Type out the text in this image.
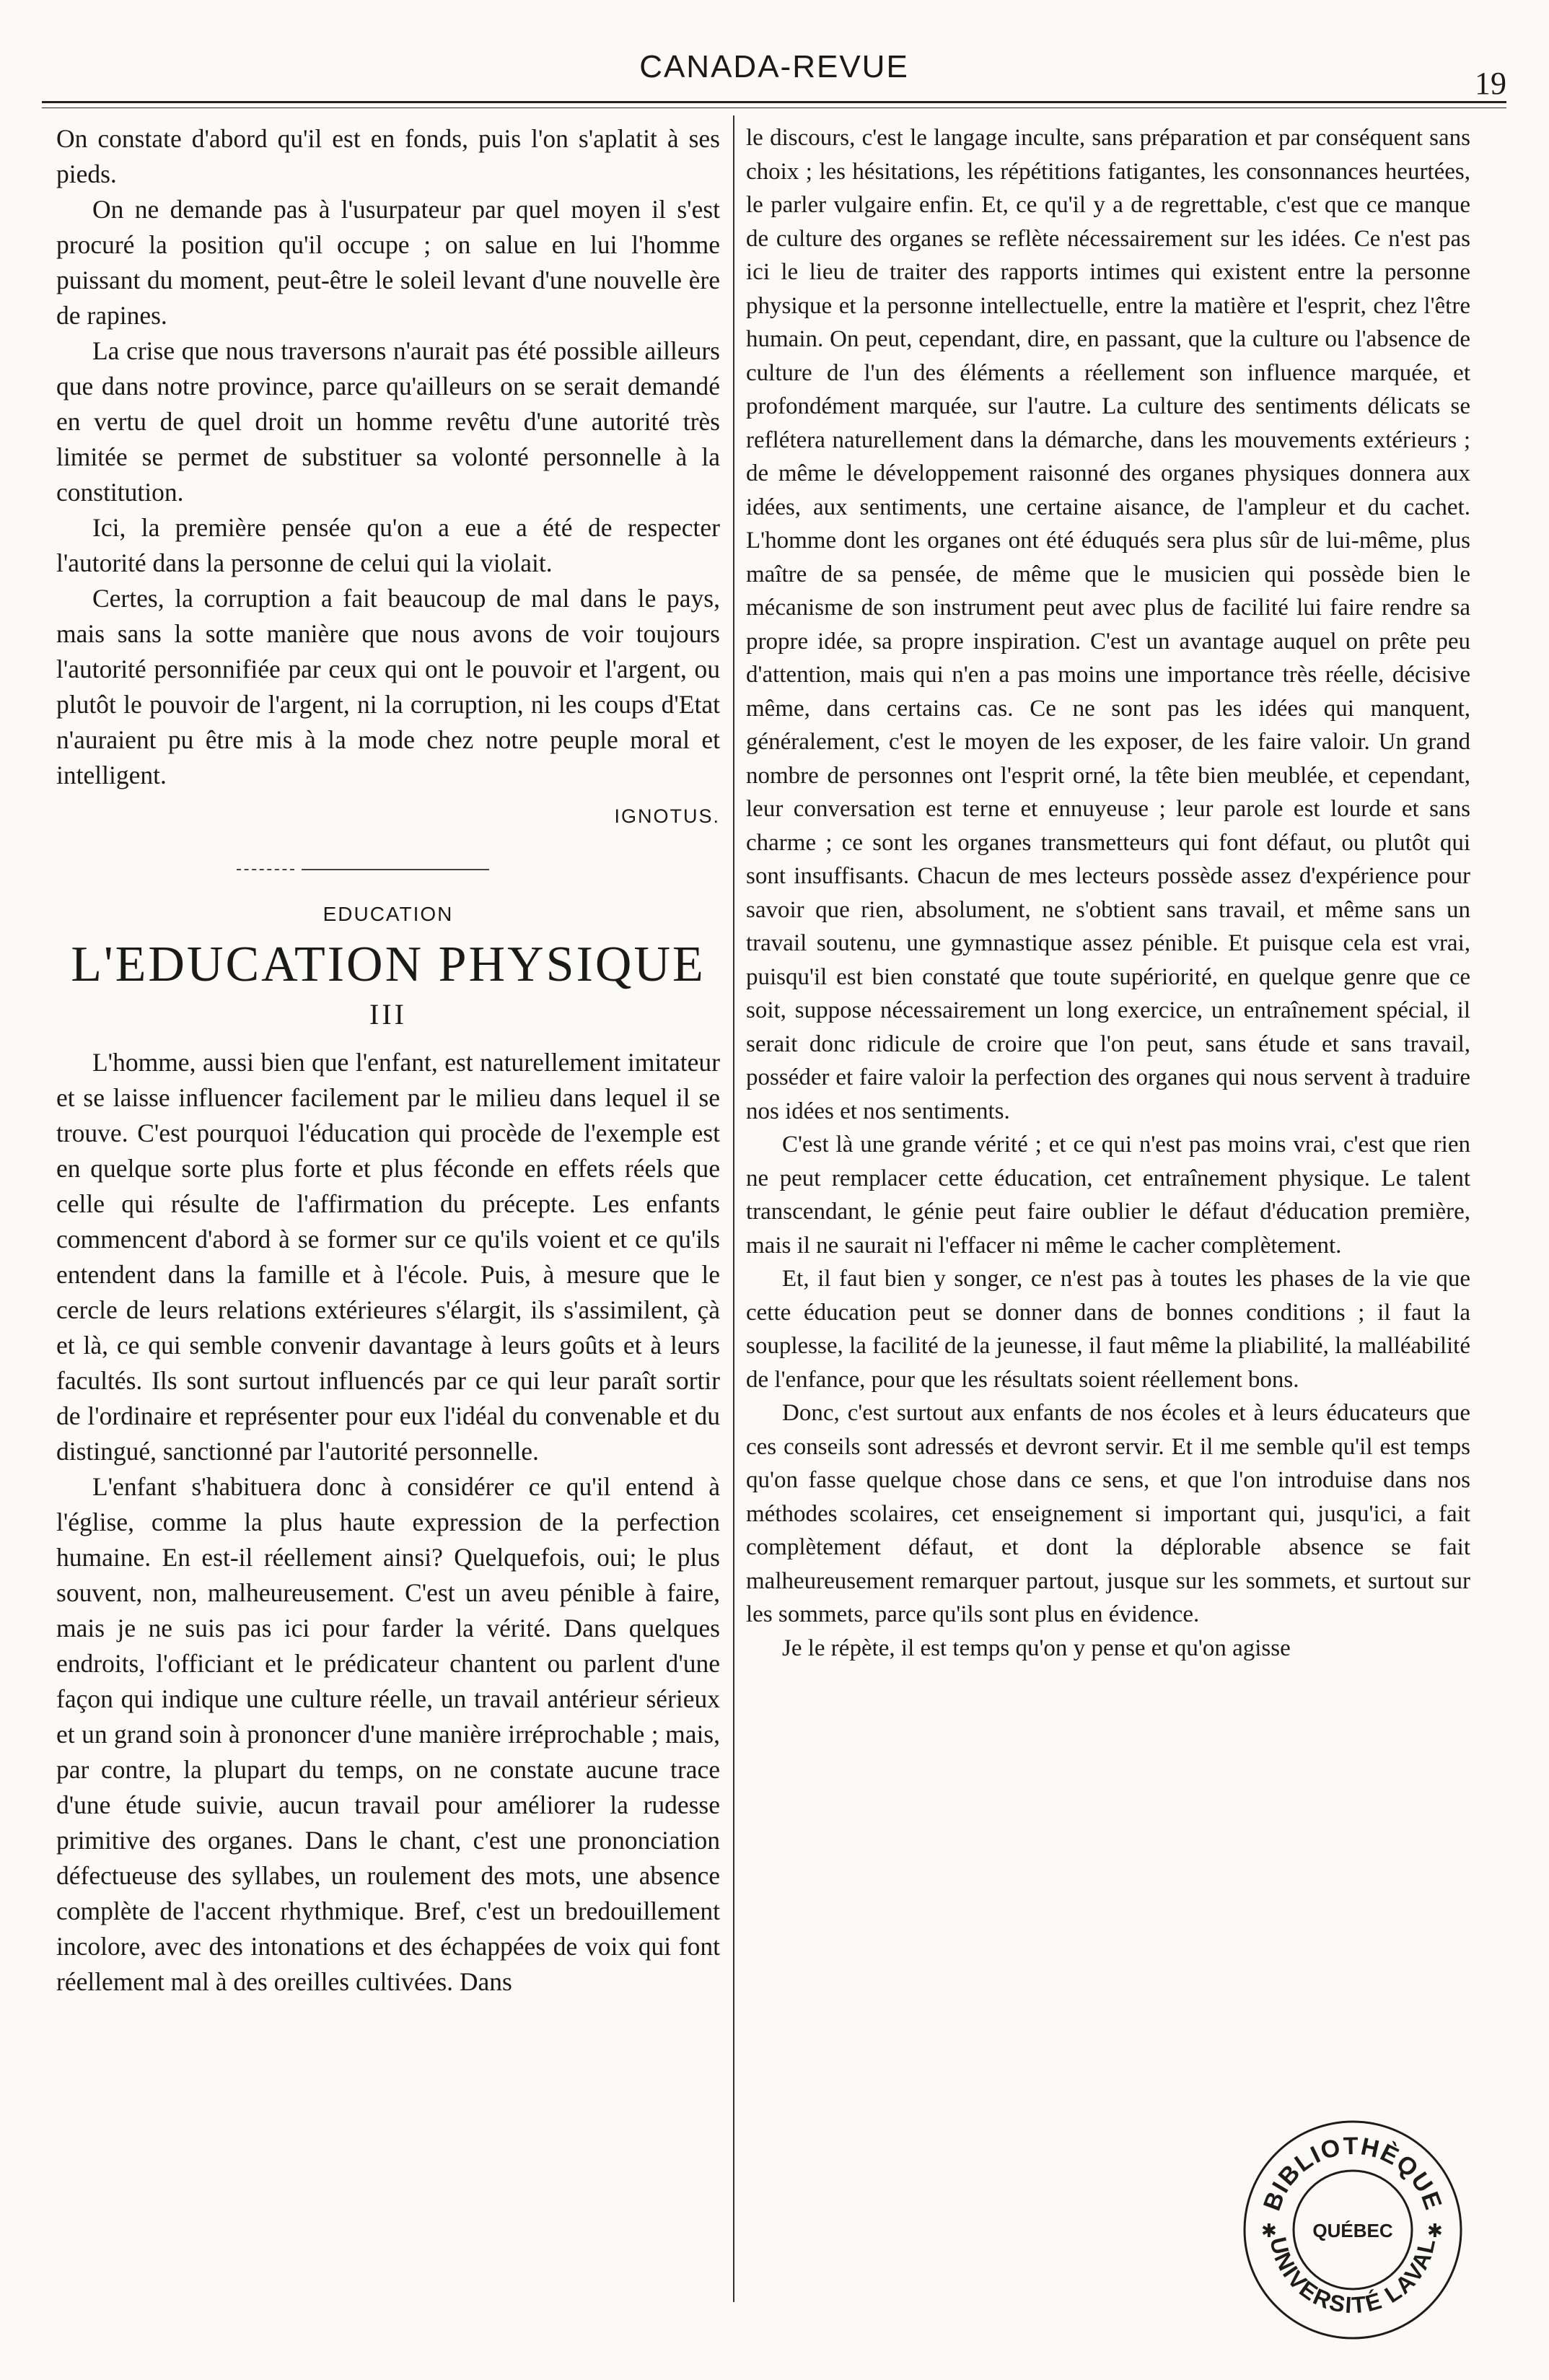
CANADA-REVUE	19

On constate d'abord qu'il est en fonds, puis l'on s'aplatit à ses pieds.

On ne demande pas à l'usurpateur par quel moyen il s'est procuré la position qu'il occupe ; on salue en lui l'homme puissant du moment, peut-être le soleil levant d'une nouvelle ère de rapines.

La crise que nous traversons n'aurait pas été possible ailleurs que dans notre province, parce qu'ailleurs on se serait demandé en vertu de quel droit un homme revêtu d'une autorité très limitée se permet de substituer sa volonté personnelle à la constitution.

Ici, la première pensée qu'on a eue a été de respecter l'autorité dans la personne de celui qui la violait.

Certes, la corruption a fait beaucoup de mal dans le pays, mais sans la sotte manière que nous avons de voir toujours l'autorité personnifiée par ceux qui ont le pouvoir et l'argent, ou plutôt le pouvoir de l'argent, ni la corruption, ni les coups d'Etat n'auraient pu être mis à la mode chez notre peuple moral et intelligent.

IGNOTUS.
EDUCATION
L'EDUCATION PHYSIQUE
III

L'homme, aussi bien que l'enfant, est naturellement imitateur et se laisse influencer facilement par le milieu dans lequel il se trouve. C'est pourquoi l'éducation qui procède de l'exemple est en quelque sorte plus forte et plus féconde en effets réels que celle qui résulte de l'affirmation du précepte. Les enfants commencent d'abord à se former sur ce qu'ils voient et ce qu'ils entendent dans la famille et à l'école. Puis, à mesure que le cercle de leurs relations extérieures s'élargit, ils s'assimilent, çà et là, ce qui semble convenir davantage à leurs goûts et à leurs facultés. Ils sont surtout influencés par ce qui leur paraît sortir de l'ordinaire et représenter pour eux l'idéal du convenable et du distingué, sanctionné par l'autorité personnelle.

L'enfant s'habituera donc à considérer ce qu'il entend à l'église, comme la plus haute expression de la perfection humaine. En est-il réellement ainsi? Quelquefois, oui; le plus souvent, non, malheureusement. C'est un aveu pénible à faire, mais je ne suis pas ici pour farder la vérité. Dans quelques endroits, l'officiant et le prédicateur chantent ou parlent d'une façon qui indique une culture réelle, un travail antérieur sérieux et un grand soin à prononcer d'une manière irréprochable ; mais, par contre, la plupart du temps, on ne constate aucune trace d'une étude suivie, aucun travail pour améliorer la rudesse primitive des organes. Dans le chant, c'est une prononciation défectueuse des syllabes, un roulement des mots, une absence complète de l'accent rhythmique. Bref, c'est un bredouillement incolore, avec des intonations et des échappées de voix qui font réellement mal à des oreilles cultivées. Dans

le discours, c'est le langage inculte, sans préparation et par conséquent sans choix ; les hésitations, les répétitions fatigantes, les consonnances heurtées, le parler vulgaire enfin. Et, ce qu'il y a de regrettable, c'est que ce manque de culture des organes se reflète nécessairement sur les idées. Ce n'est pas ici le lieu de traiter des rapports intimes qui existent entre la personne physique et la personne intellectuelle, entre la matière et l'esprit, chez l'être humain. On peut, cependant, dire, en passant, que la culture ou l'absence de culture de l'un des éléments a réellement son influence marquée, et profondément marquée, sur l'autre. La culture des sentiments délicats se reflétera naturellement dans la démarche, dans les mouvements extérieurs ; de même le développement raisonné des organes physiques donnera aux idées, aux sentiments, une certaine aisance, de l'ampleur et du cachet. L'homme dont les organes ont été éduqués sera plus sûr de lui-même, plus maître de sa pensée, de même que le musicien qui possède bien le mécanisme de son instrument peut avec plus de facilité lui faire rendre sa propre idée, sa propre inspiration. C'est un avantage auquel on prête peu d'attention, mais qui n'en a pas moins une importance très réelle, décisive même, dans certains cas. Ce ne sont pas les idées qui manquent, généralement, c'est le moyen de les exposer, de les faire valoir. Un grand nombre de personnes ont l'esprit orné, la tête bien meublée, et cependant, leur conversation est terne et ennuyeuse ; leur parole est lourde et sans charme ; ce sont les organes transmetteurs qui font défaut, ou plutôt qui sont insuffisants. Chacun de mes lecteurs possède assez d'expérience pour savoir que rien, absolument, ne s'obtient sans travail, et même sans un travail soutenu, une gymnastique assez pénible. Et puisque cela est vrai, puisqu'il est bien constaté que toute supériorité, en quelque genre que ce soit, suppose nécessairement un long exercice, un entraînement spécial, il serait donc ridicule de croire que l'on peut, sans étude et sans travail, posséder et faire valoir la perfection des organes qui nous servent à traduire nos idées et nos sentiments.

C'est là une grande vérité ; et ce qui n'est pas moins vrai, c'est que rien ne peut remplacer cette éducation, cet entraînement physique. Le talent transcendant, le génie peut faire oublier le défaut d'éducation première, mais il ne saurait ni l'effacer ni même le cacher complètement.

Et, il faut bien y songer, ce n'est pas à toutes les phases de la vie que cette éducation peut se donner dans de bonnes conditions ; il faut la souplesse, la facilité de la jeunesse, il faut même la pliabilité, la malléabilité de l'enfance, pour que les résultats soient réellement bons.

Donc, c'est surtout aux enfants de nos écoles et à leurs éducateurs que ces conseils sont adressés et devront servir. Et il me semble qu'il est temps qu'on fasse quelque chose dans ce sens, et que l'on introduise dans nos méthodes scolaires, cet enseignement si important qui, jusqu'ici, a fait complètement défaut, et dont la déplorable absence se fait malheureusement remarquer partout, jusque sur les sommets, et surtout sur les sommets, parce qu'ils sont plus en évidence.

Je le répète, il est temps qu'on y pense et qu'on agisse

BIBLIOTHÈQUE
UNIVERSITÉ LAVAL
QUÉBEC
✱	✱
